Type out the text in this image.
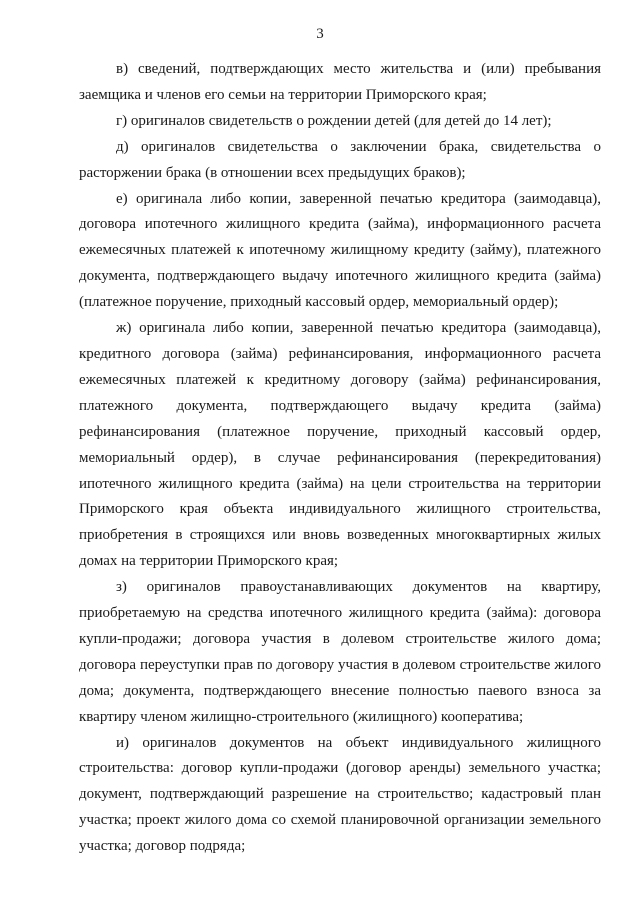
3

в) сведений, подтверждающих место жительства и (или) пребывания заемщика и членов его семьи на территории Приморского края;

г) оригиналов свидетельств о рождении детей (для детей до 14 лет);

д) оригиналов свидетельства о заключении брака, свидетельства о расторжении брака (в отношении всех предыдущих браков);

е) оригинала либо копии, заверенной печатью кредитора (заимодавца), договора ипотечного жилищного кредита (займа), информационного расчета ежемесячных платежей к ипотечному жилищному кредиту (займу), платежного документа, подтверждающего выдачу ипотечного жилищного кредита (займа) (платежное поручение, приходный кассовый ордер, мемориальный ордер);

ж) оригинала либо копии, заверенной печатью кредитора (заимодавца), кредитного договора (займа) рефинансирования, информационного расчета ежемесячных платежей к кредитному договору (займа) рефинансирования, платежного документа, подтверждающего выдачу кредита (займа) рефинансирования (платежное поручение, приходный кассовый ордер, мемориальный ордер), в случае рефинансирования (перекредитования) ипотечного жилищного кредита (займа) на цели строительства на территории Приморского края объекта индивидуального жилищного строительства, приобретения в строящихся или вновь возведенных многоквартирных жилых домах на территории Приморского края;

з) оригиналов правоустанавливающих документов на квартиру, приобретаемую на средства ипотечного жилищного кредита (займа): договора купли-продажи; договора участия в долевом строительстве жилого дома; договора переуступки прав по договору участия в долевом строительстве жилого дома; документа, подтверждающего внесение полностью паевого взноса за квартиру членом жилищно-строительного (жилищного) кооператива;

и) оригиналов документов на объект индивидуального жилищного строительства: договор купли-продажи (договор аренды) земельного участка; документ, подтверждающий разрешение на строительство; кадастровый план участка; проект жилого дома со схемой планировочной организации земельного участка; договор подряда;
